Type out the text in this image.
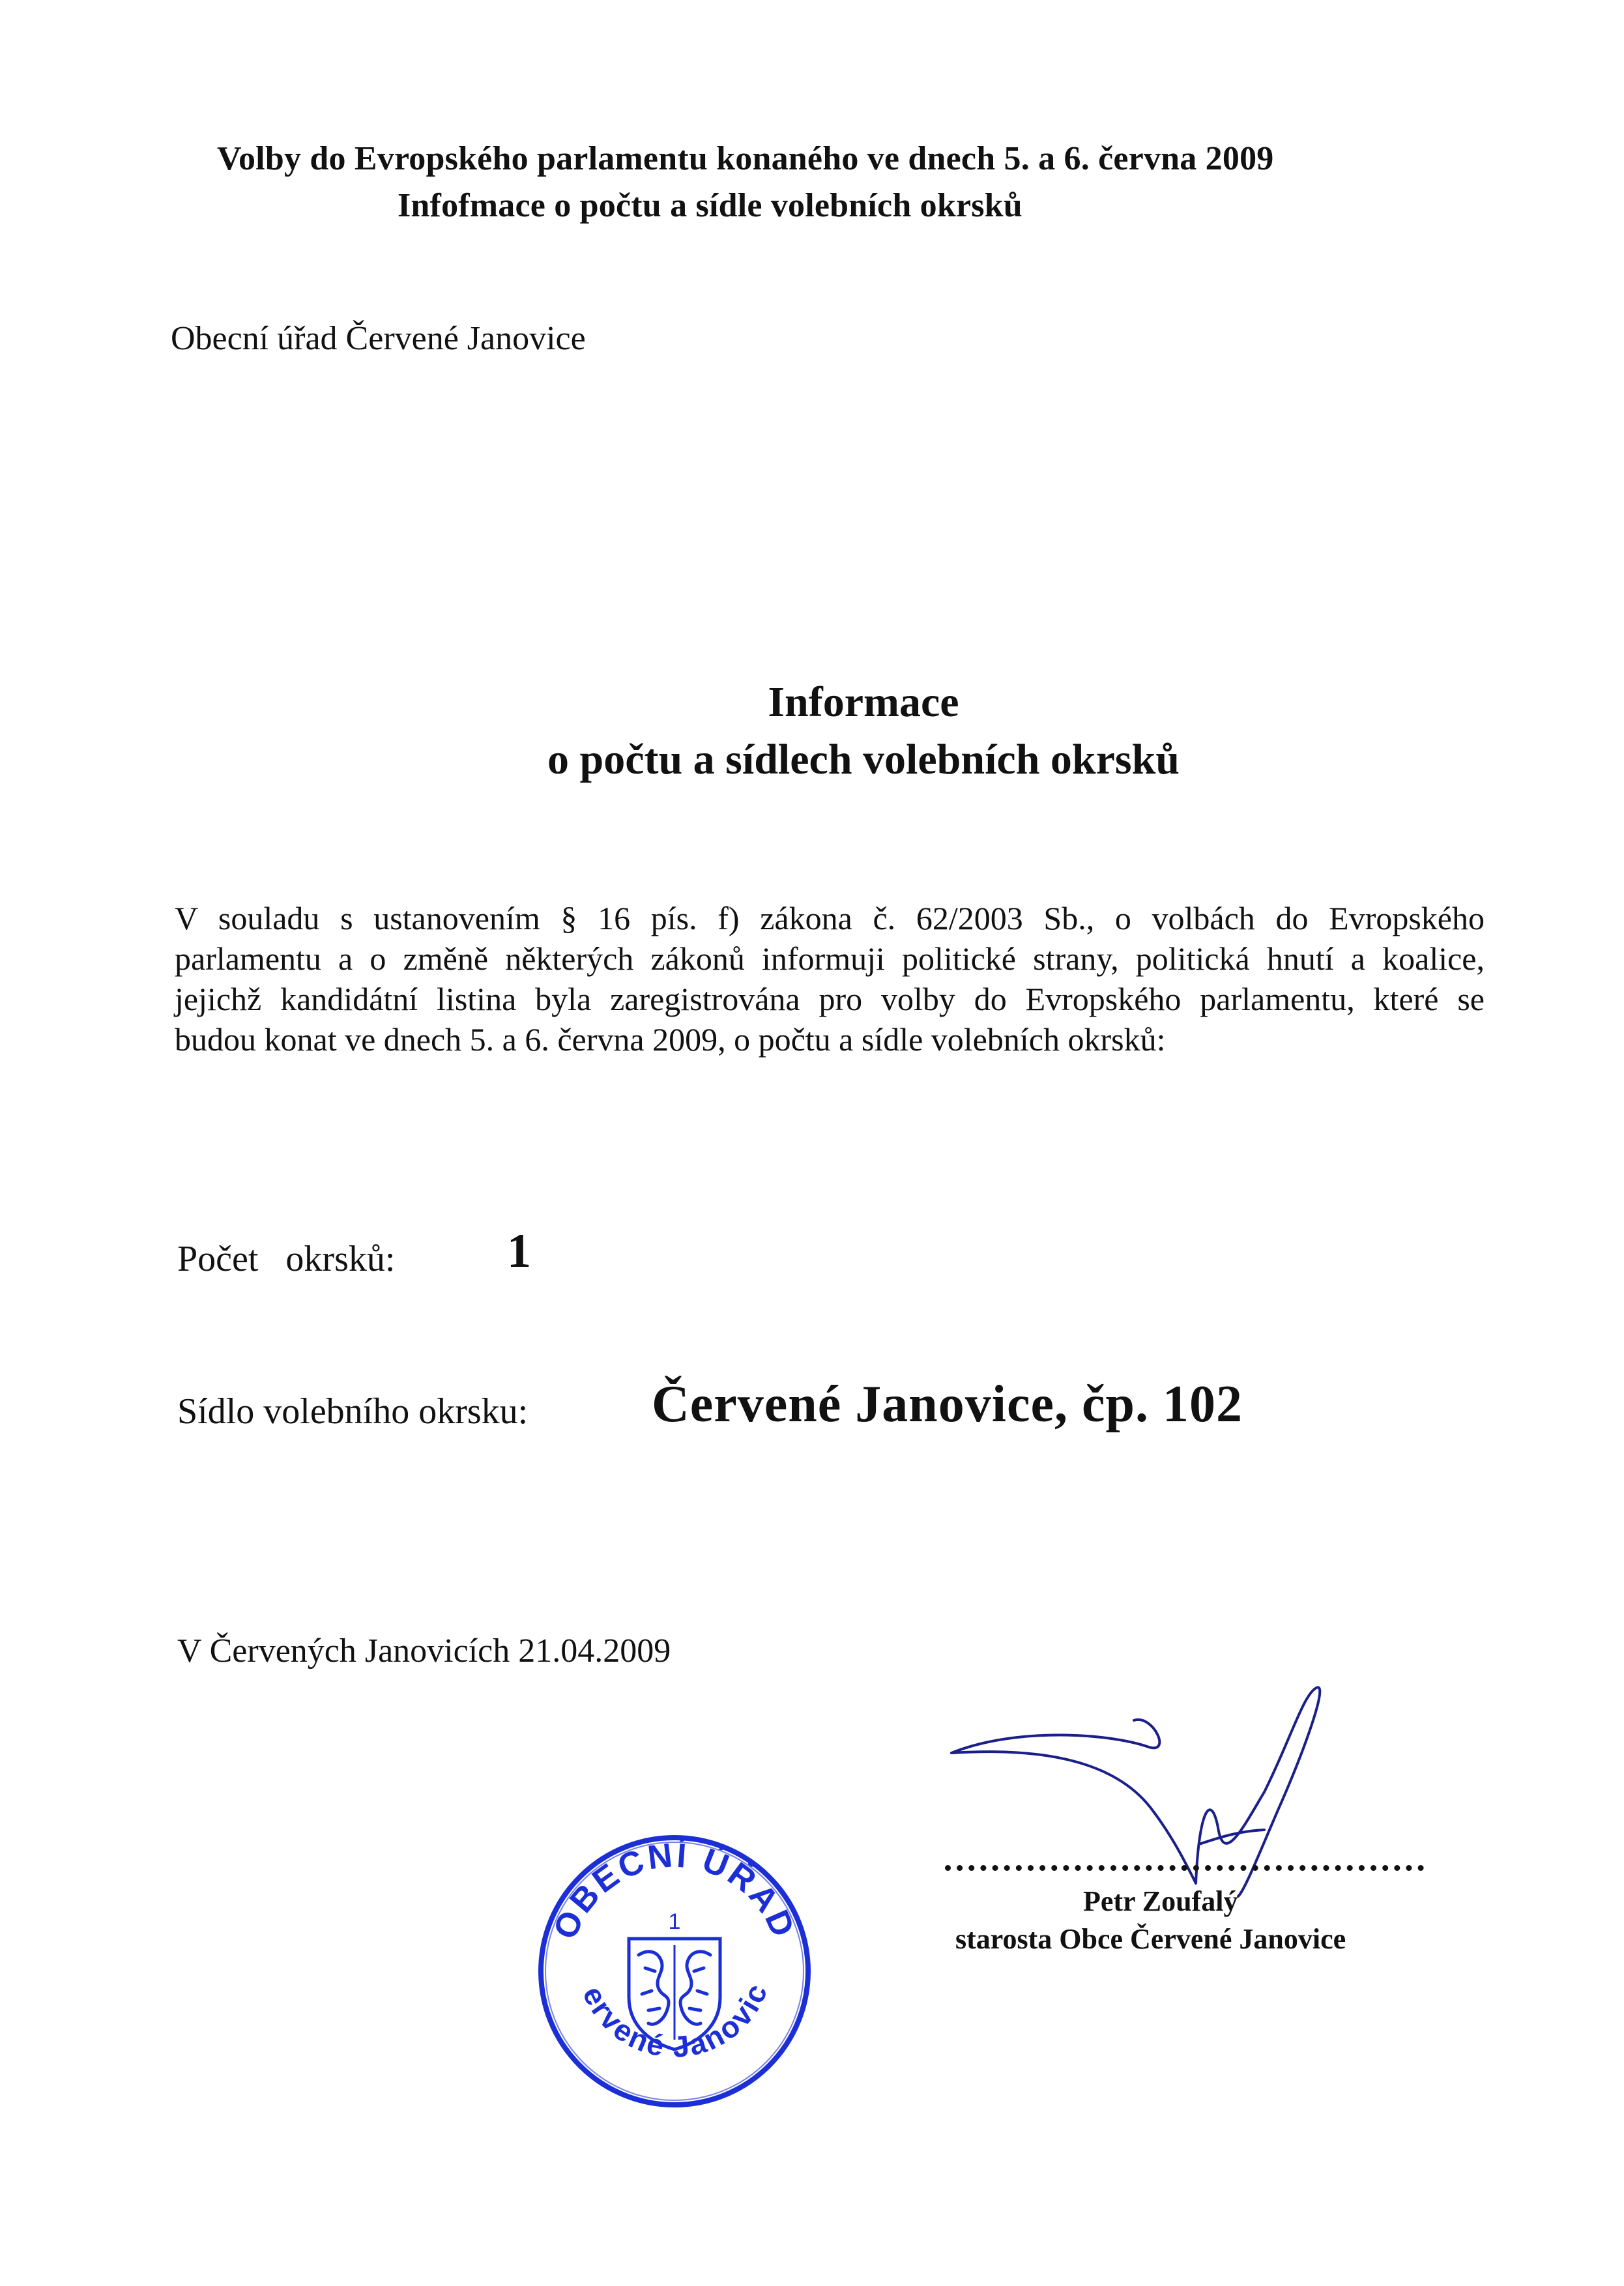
Volby do Evropského parlamentu konaného ve dnech 5. a 6. června 2009
Infofmace o počtu a sídle volebních okrsků
Obecní úřad Červené Janovice
Informace
o počtu a sídlech volebních okrsků
V souladu s ustanovením § 16 pís. f) zákona č. 62/2003 Sb., o volbách do Evropského
parlamentu a o změně některých zákonů informuji politické strany, politická hnutí a koalice,
jejichž kandidátní listina byla zaregistrována pro volby do Evropského parlamentu, které se
budou konat ve dnech 5. a 6. června 2009, o počtu a sídle volebních okrsků:
Počet   okrsků: 1
Sídlo volebního okrsku: Červené Janovice, čp. 102
V Červených Janovicích 21.04.2009
Petr Zoufalý
starosta Obce Červené Janovice
OBECNÍ ÚŘAD
Červené Janovice
1
